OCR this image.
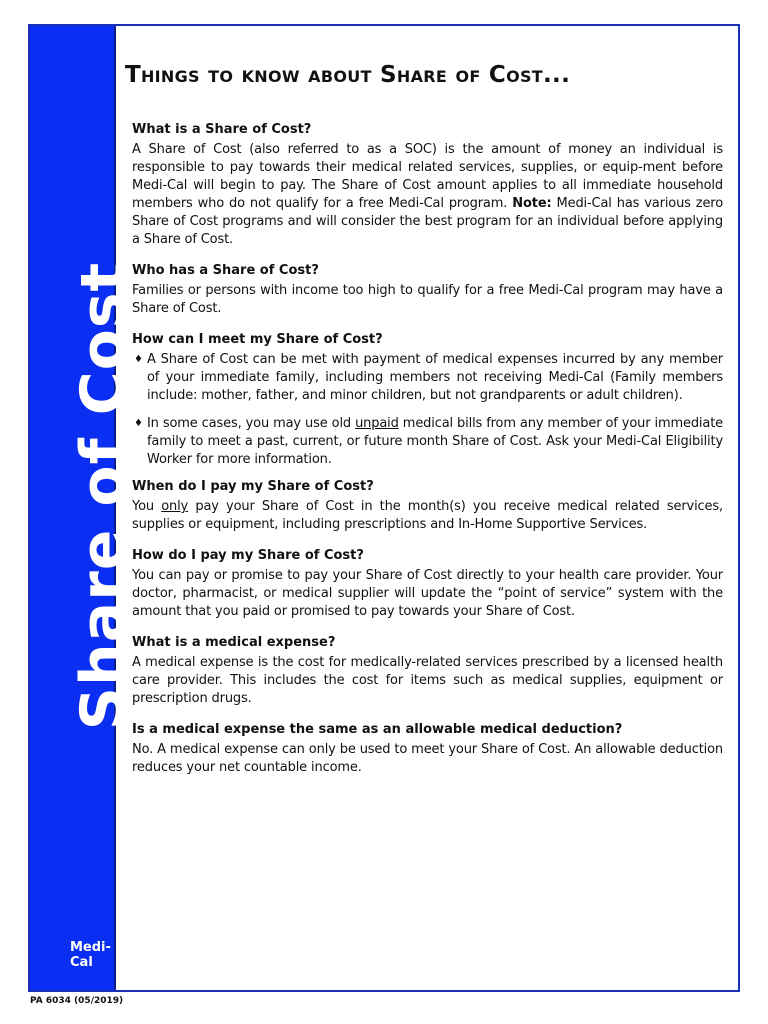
Share of Cost
Medi-Cal
PA 6034 (05/2019)
Things to know about Share of Cost...
What is a Share of Cost?

A Share of Cost (also referred to as a SOC) is the amount of money an individual is responsible to pay towards their medical related services, supplies, or equip-ment before Medi-Cal will begin to pay. The Share of Cost amount applies to all immediate household members who do not qualify for a free Medi-Cal program. Note: Medi-Cal has various zero Share of Cost programs and will consider the best program for an individual before applying a Share of Cost.

Who has a Share of Cost?

Families or persons with income too high to qualify for a free Medi-Cal program may have a Share of Cost.

How can I meet my Share of Cost?
♦ A Share of Cost can be met with payment of medical expenses incurred by any member of your immediate family, including members not receiving Medi-Cal (Family members include: mother, father, and minor children, but not grandparents or adult children).
♦ In some cases, you may use old unpaid medical bills from any member of your immediate family to meet a past, current, or future month Share of Cost. Ask your Medi-Cal Eligibility Worker for more information.
When do I pay my Share of Cost?

You only pay your Share of Cost in the month(s) you receive medical related services, supplies or equipment, including prescriptions and In-Home Supportive Services.

How do I pay my Share of Cost?

You can pay or promise to pay your Share of Cost directly to your health care provider. Your doctor, pharmacist, or medical supplier will update the “point of service” system with the amount that you paid or promised to pay towards your Share of Cost.

What is a medical expense?

A medical expense is the cost for medically-related services prescribed by a licensed health care provider. This includes the cost for items such as medical supplies, equipment or prescription drugs.

Is a medical expense the same as an allowable medical deduction?

No. A medical expense can only be used to meet your Share of Cost. An allowable deduction reduces your net countable income.
